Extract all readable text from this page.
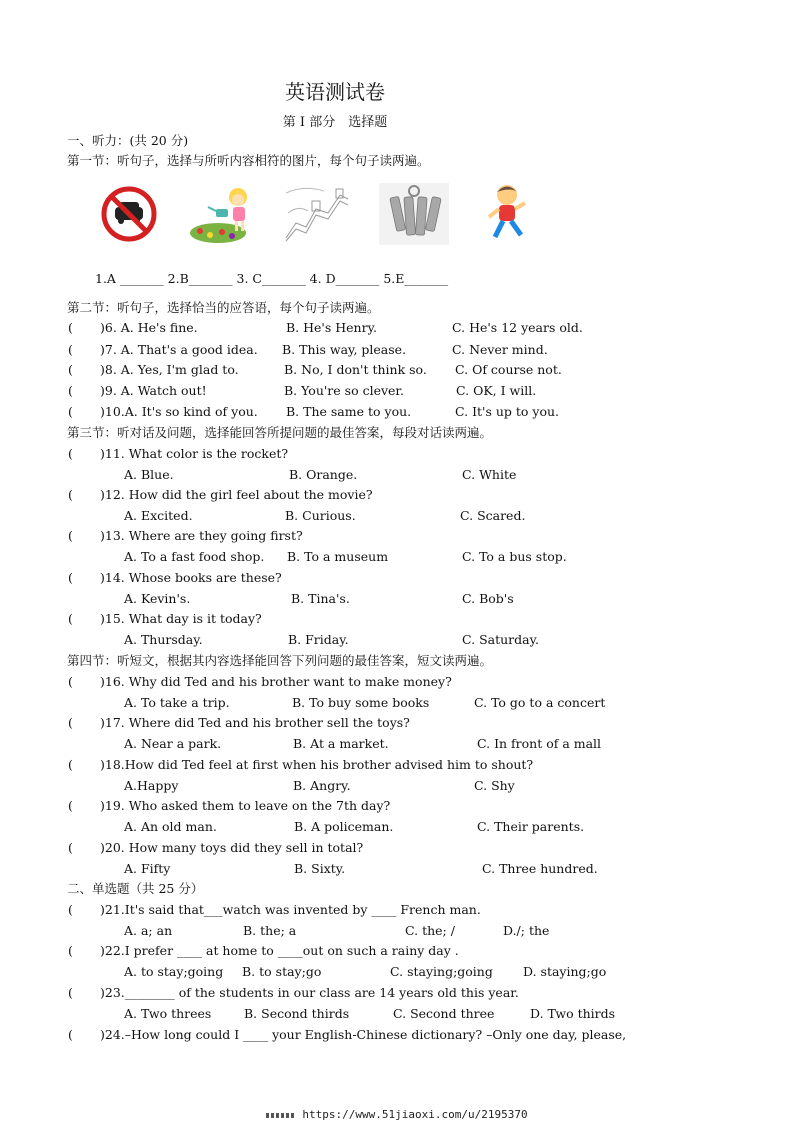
英语测试卷
第 I 部分　选择题
一、听力：(共 20 分)
第一节：听句子，选择与所听内容相符的图片，每个句子读两遍。
1.A _______ 2.B_______ 3. C_______ 4. D_______ 5.E_______
第二节：听句子，选择恰当的应答语，每个句子读两遍。
第三节：听对话及问题，选择能回答所提问题的最佳答案，每段对话读两遍。
第四节：听短文，根据其内容选择能回答下列问题的最佳答案，短文读两遍。
二、单选题（共 25 分）
https://www.51jiaoxi.com/u/2195370
( )6. A. He's fine.	B. He's Henry.	C. He's 12 years old.
( )7. A. That's a good idea. B. This way, please.	C. Never mind.
( )8. A. Yes, I'm glad to.	B. No, I don't think so. C. Of course not.
( )9. A. Watch out!	B. You're so clever.	C. OK, I will.
( )10.A. It's so kind of you. B. The same to you.	C. It's up to you.
( )11. What color is the rocket?
A. Blue.	B. Orange.	C. White
( )12. How did the girl feel about the movie?
A. Excited.	B. Curious.	C. Scared.
( )13. Where are they going first?
A. To a fast food shop. B. To a museum	C. To a bus stop.
( )14. Whose books are these?
A. Kevin's.	B. Tina's.	C. Bob's
( )15. What day is it today?
A. Thursday.	B. Friday.	C. Saturday.
( )16. Why did Ted and his brother want to make money?
A. To take a trip.	B. To buy some books	C. To go to a concert
( )17. Where did Ted and his brother sell the toys?
A. Near a park.	B. At a market.	C. In front of a mall
( )18.How did Ted feel at first when his brother advised him to shout?
A.Happy	B. Angry.	C. Shy
( )19. Who asked them to leave on the 7th day?
A. An old man.	B. A policeman.	C. Their parents.
( )20. How many toys did they sell in total?
A. Fifty	B. Sixty.	C. Three hundred.
( )21.It's said that___watch was invented by ____ French man.
A. a; an	B. the; a	C. the; /	D./; the
( )22.I prefer ____ at home to ____out on such a rainy day .
A. to stay;going B. to stay;go	C. staying;going D. staying;go
( )23.________ of the students in our class are 14 years old this year.
A. Two threes	B. Second thirds	C. Second three	D. Two thirds
( )24.–How long could I ____ your English-Chinese dictionary? –Only one day, please,
